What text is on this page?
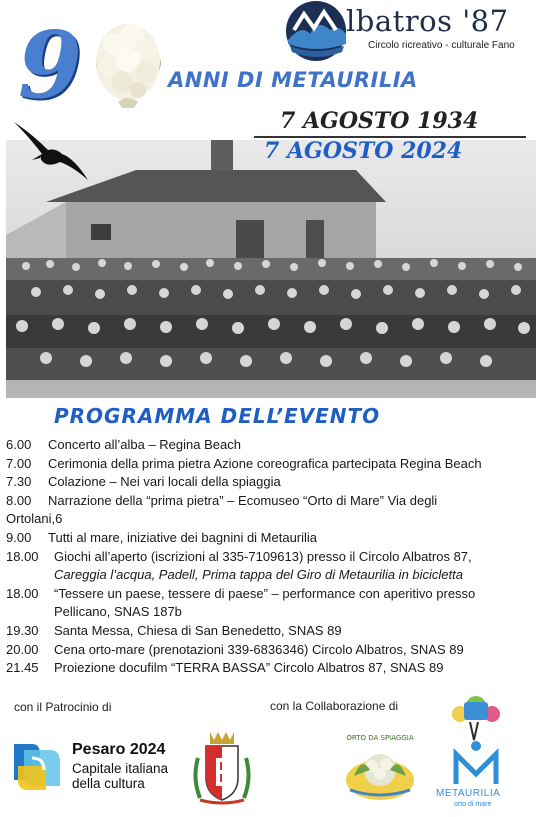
9	lbatros '87
Circolo ricreativo - culturale Fano
ANNI DI METAURILIA
7 AGOSTO 1934
7 AGOSTO 2024
PROGRAMMA DELL’EVENTO
6.00	Concerto all’alba – Regina Beach
7.00	Cerimonia della prima pietra Azione coreografica partecipata Regina Beach
7.30	Colazione – Nei vari locali della spiaggia
8.00	Narrazione della “prima pietra” – Ecomuseo “Orto di Mare” Via degli
Ortolani,6
9.00	Tutti al mare, iniziative dei bagnini di Metaurilia
18.00	Giochi all’aperto (iscrizioni al 335-7109613) presso il Circolo Albatros 87,
Careggia l’acqua, Padell, Prima tappa del Giro di Metaurilia in bicicletta
18.00	“Tessere un paese, tessere di paese” – performance con aperitivo presso
Pellicano, SNAS 187b
19.30	Santa Messa, Chiesa di San Benedetto, SNAS 89
20.00	Cena orto-mare (prenotazioni 339-6836346) Circolo Albatros, SNAS 89
21.45	Proiezione docufilm “TERRA BASSA” Circolo Albatros 87, SNAS 89
con il Patrocinio di	con la Collaborazione di
Pesaro 2024
Capitale italiana
della cultura
ORTO DA SPIAGGIA
METAURILIA
orto di mare
